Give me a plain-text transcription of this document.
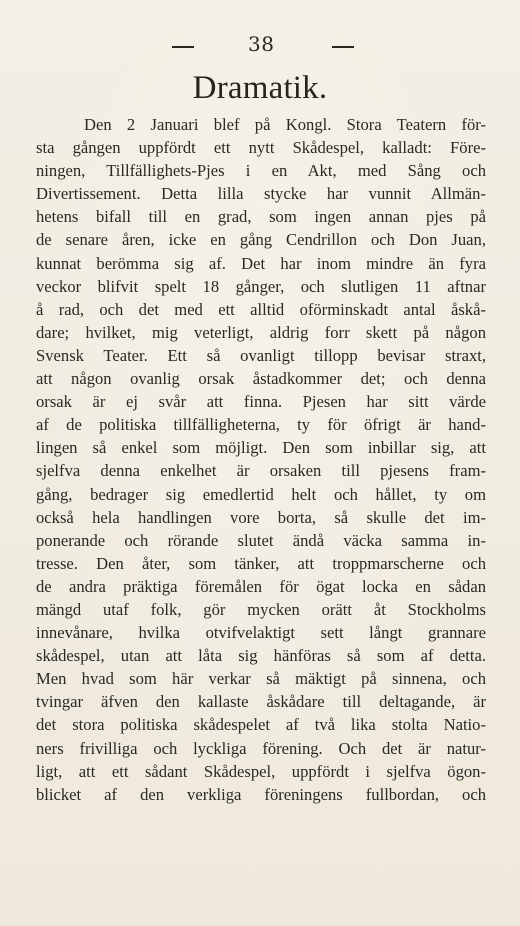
38
Dramatik.
Den 2 Januari blef på Kongl. Stora Teatern för-
sta gången uppfördt ett nytt Skådespel, kalladt: Före-
ningen, Tillfällighets-Pjes i en Akt, med Sång och
Divertissement. Detta lilla stycke har vunnit Allmän-
hetens bifall till en grad, som ingen annan pjes på
de senare åren, icke en gång Cendrillon och Don Juan,
kunnat berömma sig af. Det har inom mindre än fyra
veckor blifvit spelt 18 gånger, och slutligen 11 aftnar
å rad, och det med ett alltid oförminskadt antal åskå-
dare; hvilket, mig veterligt, aldrig forr skett på någon
Svensk Teater. Ett så ovanligt tillopp bevisar straxt,
att någon ovanlig orsak åstadkommer det; och denna
orsak är ej svår att finna. Pjesen har sitt värde
af de politiska tillfälligheterna, ty för öfrigt är hand-
lingen så enkel som möjligt. Den som inbillar sig, att
sjelfva denna enkelhet är orsaken till pjesens fram-
gång, bedrager sig emedlertid helt och hållet, ty om
också hela handlingen vore borta, så skulle det im-
ponerande och rörande slutet ändå väcka samma in-
tresse. Den åter, som tänker, att troppmarscherne och
de andra präktiga föremålen för ögat locka en sådan
mängd utaf folk, gör mycken orätt åt Stockholms
innevånare, hvilka otvifvelaktigt sett långt grannare
skådespel, utan att låta sig hänföras så som af detta.
Men hvad som här verkar så mäktigt på sinnena, och
tvingar äfven den kallaste åskådare till deltagande, är
det stora politiska skådespelet af två lika stolta Natio-
ners frivilliga och lyckliga förening. Och det är natur-
ligt, att ett sådant Skådespel, uppfördt i sjelfva ögon-
blicket af den verkliga föreningens fullbordan, och
